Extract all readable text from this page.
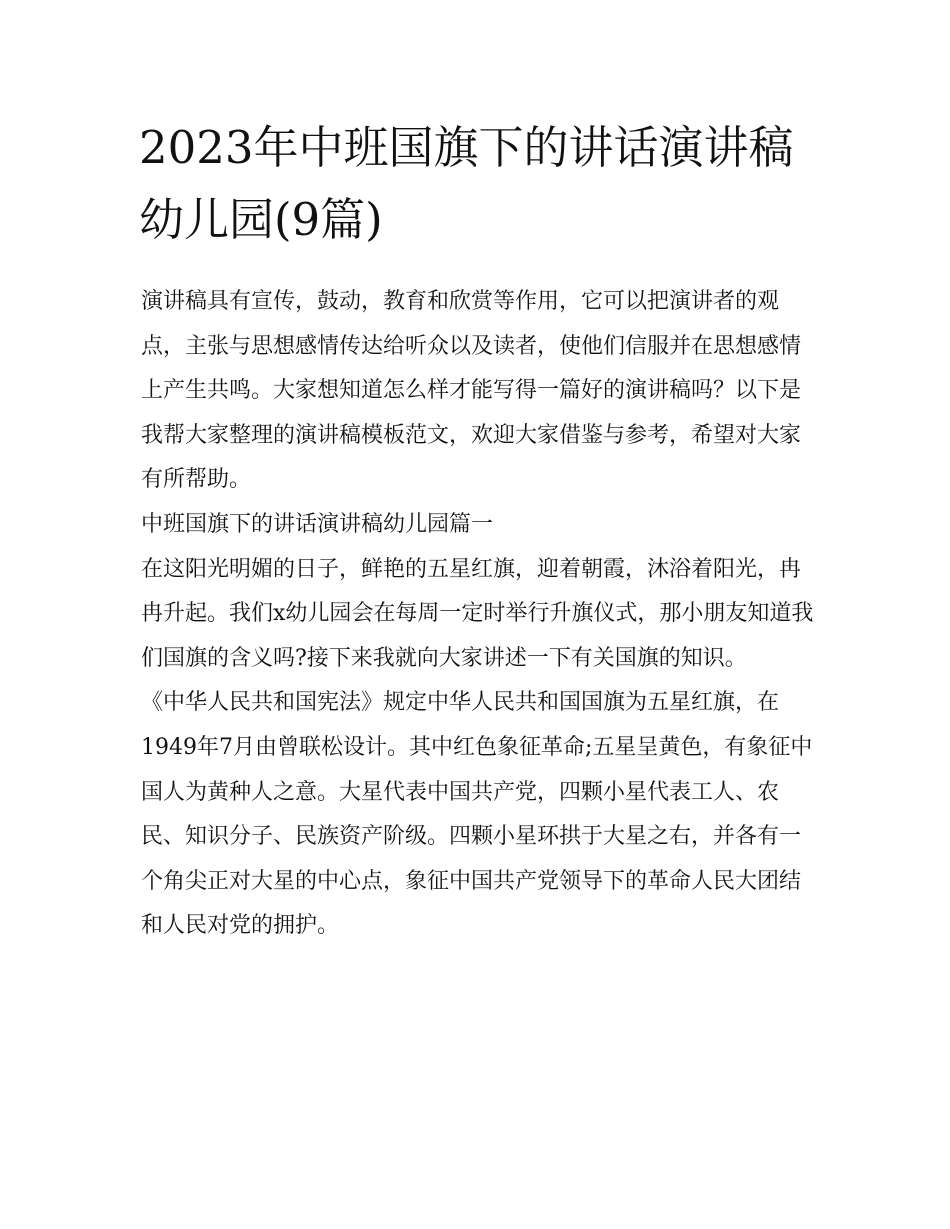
2023年中班国旗下的讲话演讲稿幼儿园(9篇)

演讲稿具有宣传，鼓动，教育和欣赏等作用，它可以把演讲者的观点，主张与思想感情传达给听众以及读者，使他们信服并在思想感情上产生共鸣。大家想知道怎么样才能写得一篇好的演讲稿吗？以下是我帮大家整理的演讲稿模板范文，欢迎大家借鉴与参考，希望对大家有所帮助。

中班国旗下的讲话演讲稿幼儿园篇一

在这阳光明媚的日子，鲜艳的五星红旗，迎着朝霞，沐浴着阳光，冉冉升起。我们x幼儿园会在每周一定时举行升旗仪式，那小朋友知道我们国旗的含义吗?接下来我就向大家讲述一下有关国旗的知识。

《中华人民共和国宪法》规定中华人民共和国国旗为五星红旗，在1949年7月由曾联松设计。其中红色象征革命;五星呈黄色，有象征中国人为黄种人之意。大星代表中国共产党，四颗小星代表工人、农民、知识分子、民族资产阶级。四颗小星环拱于大星之右，并各有一个角尖正对大星的中心点，象征中国共产党领导下的革命人民大团结和人民对党的拥护。
